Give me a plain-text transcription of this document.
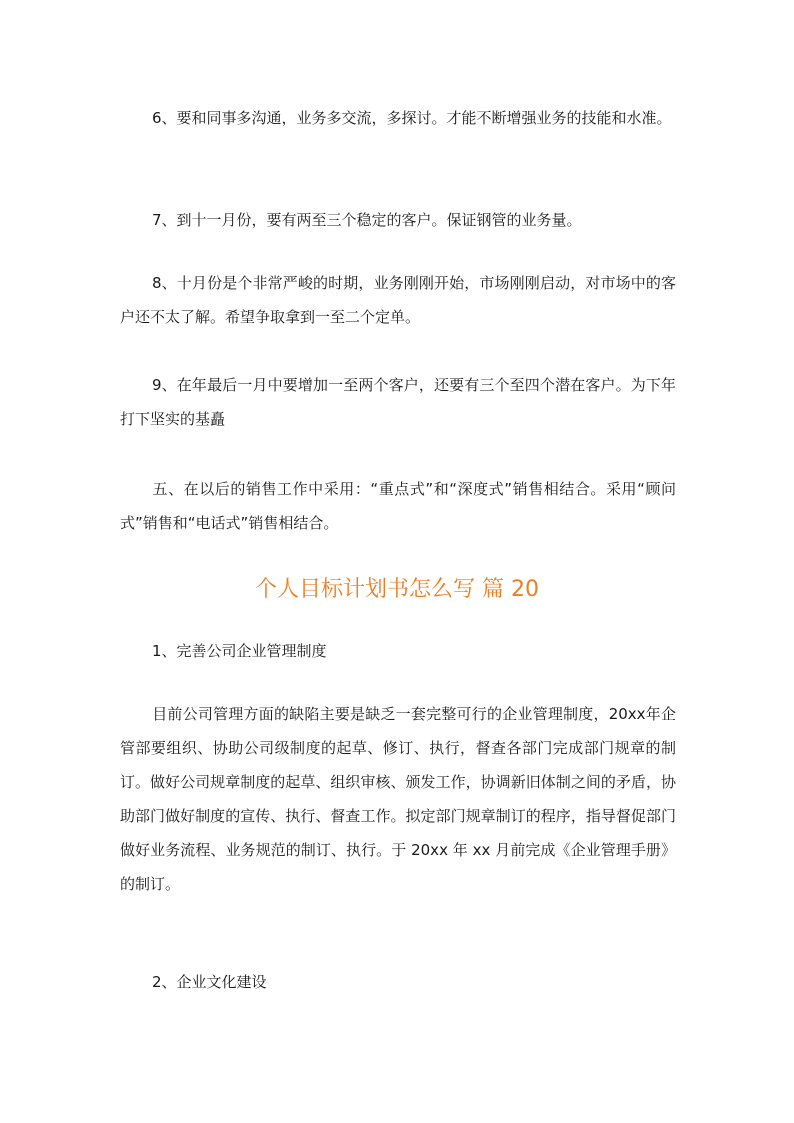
6、要和同事多沟通，业务多交流，多探讨。才能不断增强业务的技能和水准。

7、到十一月份，要有两至三个稳定的客户。保证钢管的业务量。

8、十月份是个非常严峻的时期，业务刚刚开始，市场刚刚启动，对市场中的客户还不太了解。希望争取拿到一至二个定单。

9、在年最后一月中要增加一至两个客户，还要有三个至四个潜在客户。为下年打下坚实的基矗

五、在以后的销售工作中采用：“重点式”和“深度式”销售相结合。采用“顾问式”销售和“电话式”销售相结合。

个人目标计划书怎么写 篇 20

1、完善公司企业管理制度

目前公司管理方面的缺陷主要是缺乏一套完整可行的企业管理制度，20xx年企管部要组织、协助公司级制度的起草、修订、执行，督查各部门完成部门规章的制订。做好公司规章制度的起草、组织审核、颁发工作，协调新旧体制之间的矛盾，协助部门做好制度的宣传、执行、督查工作。拟定部门规章制订的程序，指导督促部门做好业务流程、业务规范的制订、执行。于 20xx 年 xx 月前完成《企业管理手册》的制订。

2、企业文化建设
